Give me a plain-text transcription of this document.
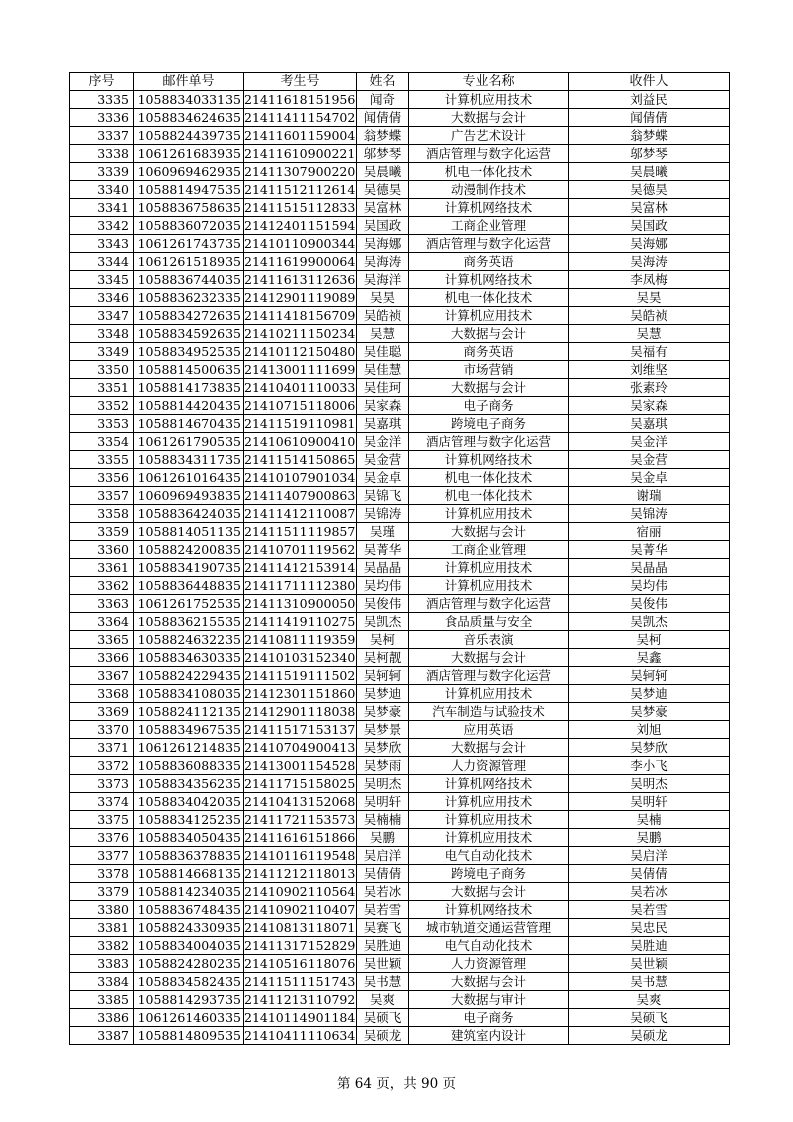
序号	邮件单号	考生号	姓名	专业名称	收件人
3335	1058834033135	21411618151956	闻奇	计算机应用技术	刘益民
3336	1058834624635	21411411154702	闻倩倩	大数据与会计	闻倩倩
3337	1058824439735	21411601159004	翁梦蝶	广告艺术设计	翁梦蝶
3338	1061261683935	21411610900221	邬梦琴	酒店管理与数字化运营	邬梦琴
3339	1060969462935	21411307900220	吴晨曦	机电一体化技术	吴晨曦
3340	1058814947535	21411512112614	吴德昊	动漫制作技术	吴德昊
3341	1058836758635	21411515112833	吴富林	计算机网络技术	吴富林
3342	1058836072035	21412401151594	吴国政	工商企业管理	吴国政
3343	1061261743735	21410110900344	吴海娜	酒店管理与数字化运营	吴海娜
3344	1061261518935	21411619900064	吴海涛	商务英语	吴海涛
3345	1058836744035	21411613112636	吴海洋	计算机网络技术	李凤梅
3346	1058836232335	21412901119089	吴昊	机电一体化技术	吴昊
3347	1058834272635	21411418156709	吴皓祯	计算机应用技术	吴皓祯
3348	1058834592635	21410211150234	吴慧	大数据与会计	吴慧
3349	1058834952535	21410112150480	吴佳聪	商务英语	吴福有
3350	1058814500635	21413001111699	吴佳慧	市场营销	刘维坚
3351	1058814173835	21410401110033	吴佳珂	大数据与会计	张素玲
3352	1058814420435	21410715118006	吴家森	电子商务	吴家森
3353	1058814670435	21411519110981	吴嘉琪	跨境电子商务	吴嘉琪
3354	1061261790535	21410610900410	吴金洋	酒店管理与数字化运营	吴金洋
3355	1058834311735	21411514150865	吴金营	计算机网络技术	吴金营
3356	1061261016435	21410107901034	吴金卓	机电一体化技术	吴金卓
3357	1060969493835	21411407900863	吴锦飞	机电一体化技术	谢瑞
3358	1058836424035	21411412110087	吴锦涛	计算机应用技术	吴锦涛
3359	1058814051135	21411511119857	吴瑾	大数据与会计	宿丽
3360	1058824200835	21410701119562	吴菁华	工商企业管理	吴菁华
3361	1058834190735	21411412153914	吴晶晶	计算机应用技术	吴晶晶
3362	1058836448835	21411711112380	吴均伟	计算机应用技术	吴均伟
3363	1061261752535	21411310900050	吴俊伟	酒店管理与数字化运营	吴俊伟
3364	1058836215535	21411419110275	吴凯杰	食品质量与安全	吴凯杰
3365	1058824632235	21410811119359	吴柯	音乐表演	吴柯
3366	1058834630335	21410103152340	吴柯靓	大数据与会计	吴鑫
3367	1058824229435	21411519111502	吴轲轲	酒店管理与数字化运营	吴轲轲
3368	1058834108035	21412301151860	吴梦迪	计算机应用技术	吴梦迪
3369	1058824112135	21412901118038	吴梦豪	汽车制造与试验技术	吴梦豪
3370	1058834967535	21411517153137	吴梦景	应用英语	刘旭
3371	1061261214835	21410704900413	吴梦欣	大数据与会计	吴梦欣
3372	1058836088335	21413001154528	吴梦雨	人力资源管理	李小飞
3373	1058834356235	21411715158025	吴明杰	计算机网络技术	吴明杰
3374	1058834042035	21410413152068	吴明轩	计算机应用技术	吴明轩
3375	1058834125235	21411721153573	吴楠楠	计算机应用技术	吴楠
3376	1058834050435	21411616151866	吴鹏	计算机应用技术	吴鹏
3377	1058836378835	21410116119548	吴启洋	电气自动化技术	吴启洋
3378	1058814668135	21411212118013	吴倩倩	跨境电子商务	吴倩倩
3379	1058814234035	21410902110564	吴若冰	大数据与会计	吴若冰
3380	1058836748435	21410902110407	吴若雪	计算机网络技术	吴若雪
3381	1058824330935	21410813118071	吴赛飞	城市轨道交通运营管理	吴忠民
3382	1058834004035	21411317152829	吴胜迪	电气自动化技术	吴胜迪
3383	1058824280235	21410516118076	吴世颖	人力资源管理	吴世颖
3384	1058834582435	21411511151743	吴书慧	大数据与会计	吴书慧
3385	1058814293735	21411213110792	吴爽	大数据与审计	吴爽
3386	1061261460335	21410114901184	吴硕飞	电子商务	吴硕飞
3387	1058814809535	21410411110634	吴硕龙	建筑室内设计	吴硕龙
第 64 页，共 90 页
